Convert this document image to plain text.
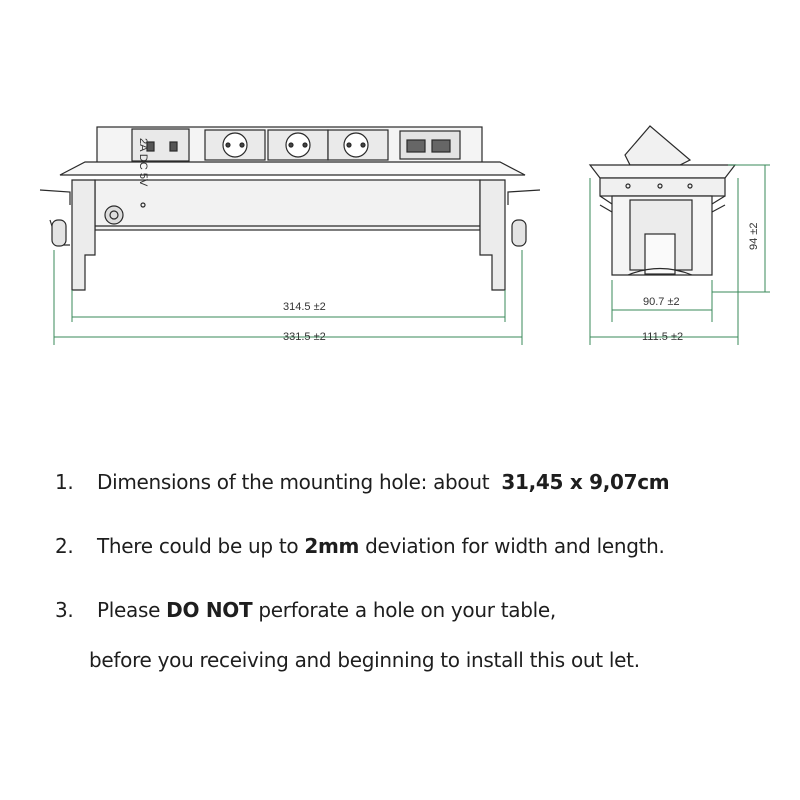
2A DC 5V
314.5 ±2
331.5 ±2
94 ±2
90.7 ±2
111.5 ±2
1. Dimensions of the mounting hole: about 31,45 x 9,07cm
2. There could be up to 2mm deviation for width and length.
3. Please DO NOT perforate a hole on your table,
before you receiving and beginning to install this out let.
